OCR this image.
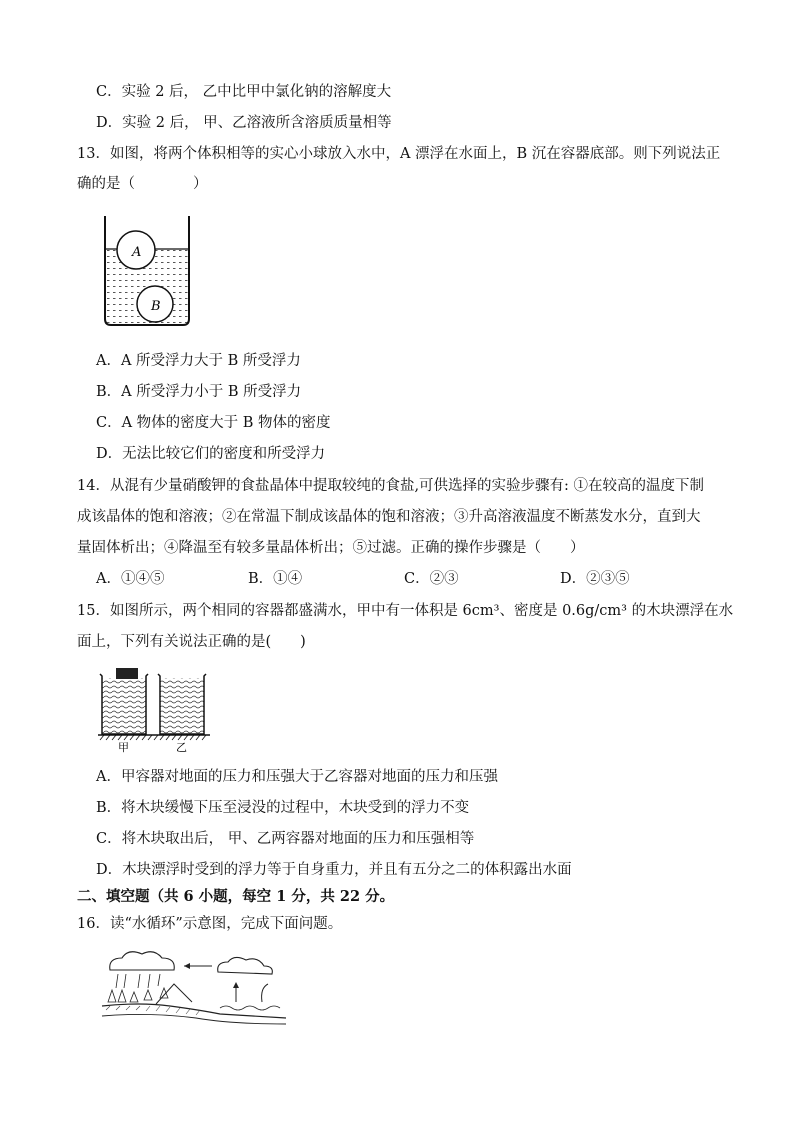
C．实验 2 后， 乙中比甲中氯化钠的溶解度大
D．实验 2 后， 甲、乙溶液所含溶质质量相等
13．如图，将两个体积相等的实心小球放入水中，A 漂浮在水面上，B 沉在容器底部。则下列说法正
确的是（　　　　）
A
B
A．A 所受浮力大于 B 所受浮力
B．A 所受浮力小于 B 所受浮力
C．A 物体的密度大于 B 物体的密度
D．无法比较它们的密度和所受浮力
14．从混有少量硝酸钾的食盐晶体中提取较纯的食盐,可供选择的实验步骤有: ①在较高的温度下制
成该晶体的饱和溶液；②在常温下制成该晶体的饱和溶液；③升高溶液温度不断蒸发水分，直到大
量固体析出；④降温至有较多量晶体析出；⑤过滤。正确的操作步骤是（　　）
A．①④⑤	B．①④	C．②③	D．②③⑤
15．如图所示，两个相同的容器都盛满水，甲中有一体积是 6cm³、密度是 0.6g/cm³ 的木块漂浮在水
面上，下列有关说法正确的是(　　)
甲	乙
A．甲容器对地面的压力和压强大于乙容器对地面的压力和压强
B．将木块缓慢下压至浸没的过程中，木块受到的浮力不变
C．将木块取出后， 甲、乙两容器对地面的压力和压强相等
D．木块漂浮时受到的浮力等于自身重力，并且有五分之二的体积露出水面
二、填空题（共 6 小题，每空 1 分，共 22 分。
16．读“水循环”示意图，完成下面问题。
